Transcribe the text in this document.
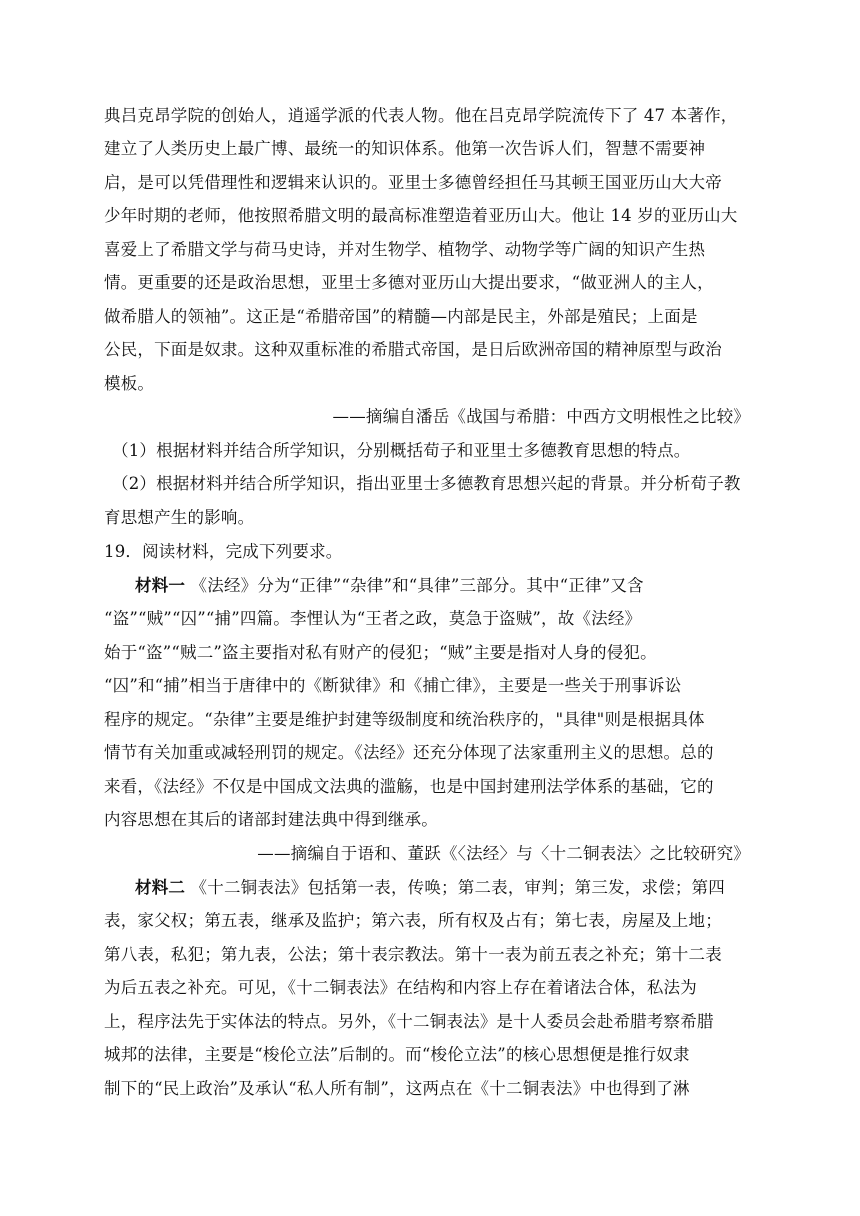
典吕克昂学院的创始人，逍遥学派的代表人物。他在吕克昂学院流传下了 47 本著作，
建立了人类历史上最广博、最统一的知识体系。他第一次告诉人们，智慧不需要神
启，是可以凭借理性和逻辑来认识的。亚里士多德曾经担任马其顿王国亚历山大大帝
少年时期的老师，他按照希腊文明的最高标准塑造着亚历山大。他让 14 岁的亚历山大
喜爱上了希腊文学与荷马史诗，并对生物学、植物学、动物学等广阔的知识产生热
情。更重要的还是政治思想，亚里士多德对亚历山大提出要求，“做亚洲人的主人，
做希腊人的领袖”。这正是“希腊帝国”的精髓—内部是民主，外部是殖民；上面是
公民，下面是奴隶。这种双重标准的希腊式帝国，是日后欧洲帝国的精神原型与政治
模板。
——摘编自潘岳《战国与希腊：中西方文明根性之比较》
（1）根据材料并结合所学知识，分别概括荀子和亚里士多德教育思想的特点。
（2）根据材料并结合所学知识，指出亚里士多德教育思想兴起的背景。并分析荀子教
育思想产生的影响。
19．阅读材料，完成下列要求。
材料一 《法经》分为“正律”“杂律”和“具律”三部分。其中“正律”又含
“盗”“贼”“囚”“捕”四篇。李悝认为“王者之政，莫急于盗贼”，故《法经》
始于“盗”“贼二”盗主要指对私有财产的侵犯；“贼”主要是指对人身的侵犯。
“囚”和“捕”相当于唐律中的《断狱律》和《捕亡律》，主要是一些关于刑事诉讼
程序的规定。“杂律”主要是维护封建等级制度和统治秩序的，"具律"则是根据具体
情节有关加重或减轻刑罚的规定。《法经》还充分体现了法家重刑主义的思想。总的
来看，《法经》不仅是中国成文法典的滥觞，也是中国封建刑法学体系的基础，它的
内容思想在其后的诸部封建法典中得到继承。
——摘编自于语和、董跃《〈法经〉与〈十二铜表法〉之比较研究》
材料二 《十二铜表法》包括第一表，传唤；第二表，审判；第三发，求偿；第四
表，家父权；第五表，继承及监护；第六表，所有权及占有；第七表，房屋及上地；
第八表，私犯；第九表，公法；第十表宗教法。第十一表为前五表之补充；第十二表
为后五表之补充。可见，《十二铜表法》在结构和内容上存在着诸法合体，私法为
上，程序法先于实体法的特点。另外，《十二铜表法》是十人委员会赴希腊考察希腊
城邦的法律，主要是“梭伦立法”后制的。而“梭伦立法”的核心思想便是推行奴隶
制下的“民上政治”及承认“私人所有制”，这两点在《十二铜表法》中也得到了淋
